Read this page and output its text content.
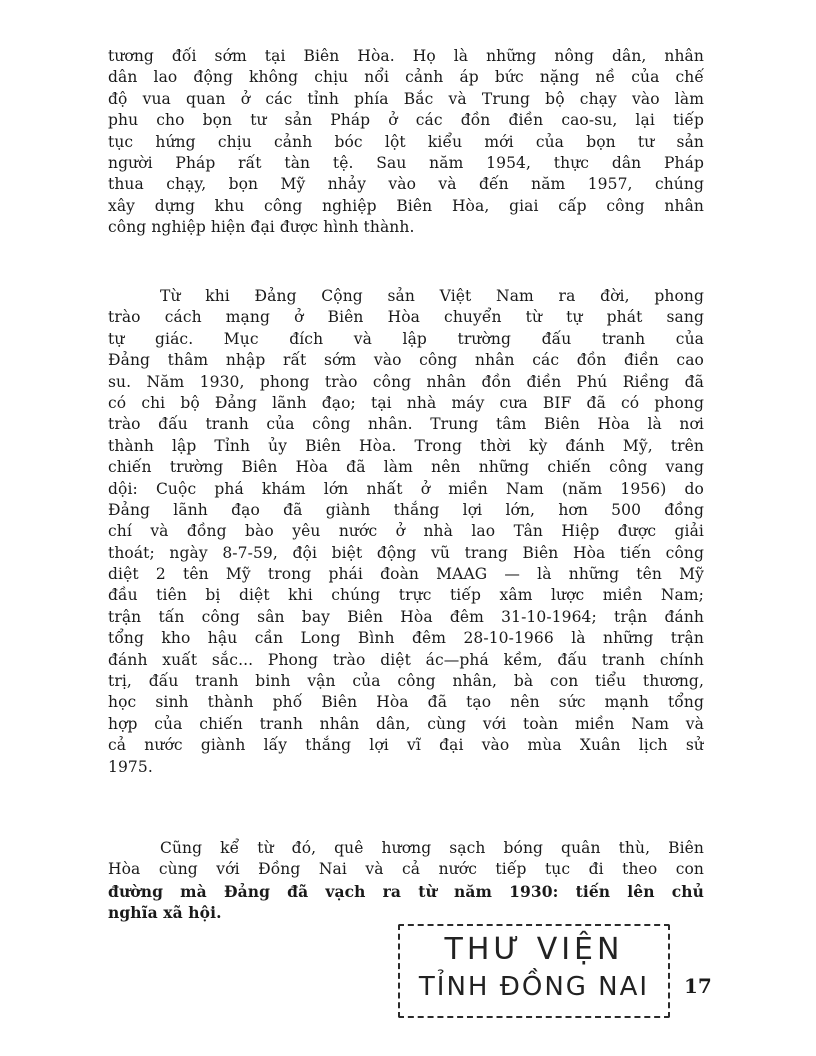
tương đối sớm tại Biên Hòa. Họ là những nông dân, nhân
dân lao động không chịu nổi cảnh áp bức nặng nề của chế
độ vua quan ở các tỉnh phía Bắc và Trung bộ chạy vào làm
phu cho bọn tư sản Pháp ở các đồn điền cao-su, lại tiếp
tục hứng chịu cảnh bóc lột kiểu mới của bọn tư sản
người Pháp rất tàn tệ. Sau năm 1954, thực dân Pháp
thua chạy, bọn Mỹ nhảy vào và đến năm 1957, chúng
xây dựng khu công nghiệp Biên Hòa, giai cấp công nhân
công nghiệp hiện đại được hình thành.
Từ khi Đảng Cộng sản Việt Nam ra đời, phong
trào cách mạng ở Biên Hòa chuyển từ tự phát sang
tự giác. Mục đích và lập trường đấu tranh của
Đảng thâm nhập rất sớm vào công nhân các đồn điền cao
su. Năm 1930, phong trào công nhân đồn điền Phú Riềng đã
có chi bộ Đảng lãnh đạo; tại nhà máy cưa BIF đã có phong
trào đấu tranh của công nhân. Trung tâm Biên Hòa là nơi
thành lập Tỉnh ủy Biên Hòa. Trong thời kỳ đánh Mỹ, trên
chiến trường Biên Hòa đã làm nên những chiến công vang
dội: Cuộc phá khám lớn nhất ở miền Nam (năm 1956) do
Đảng lãnh đạo đã giành thắng lợi lớn, hơn 500 đồng
chí và đồng bào yêu nước ở nhà lao Tân Hiệp được giải
thoát; ngày 8-7-59, đội biệt động vũ trang Biên Hòa tiến công
diệt 2 tên Mỹ trong phái đoàn MAAG — là những tên Mỹ
đầu tiên bị diệt khi chúng trực tiếp xâm lược miền Nam;
trận tấn công sân bay Biên Hòa đêm 31-10-1964; trận đánh
tổng kho hậu cần Long Bình đêm 28-10-1966 là những trận
đánh xuất sắc... Phong trào diệt ác—phá kềm, đấu tranh chính
trị, đấu tranh binh vận của công nhân, bà con tiểu thương,
học sinh thành phố Biên Hòa đã tạo nên sức mạnh tổng
hợp của chiến tranh nhân dân, cùng với toàn miền Nam và
cả nước giành lấy thắng lợi vĩ đại vào mùa Xuân lịch sử
1975.
Cũng kể từ đó, quê hương sạch bóng quân thù, Biên
Hòa cùng với Đồng Nai và cả nước tiếp tục đi theo con
đường mà Đảng đã vạch ra từ năm 1930: tiến lên chủ
nghĩa xã hội.
THƯ VIỆN
TỈNH ĐỒNG NAI	17
